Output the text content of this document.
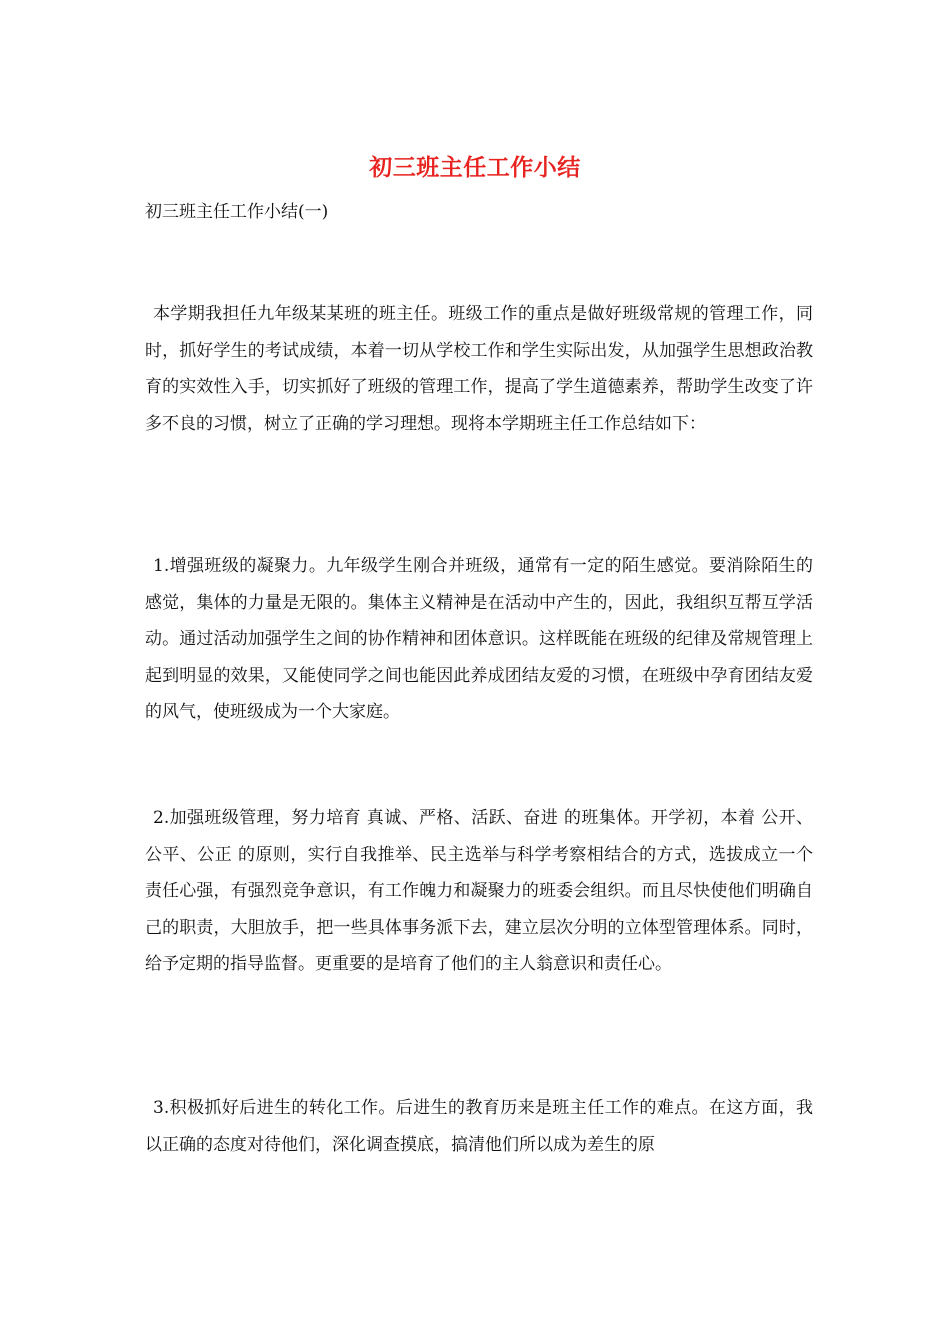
初三班主任工作小结
初三班主任工作小结(一)

本学期我担任九年级某某班的班主任。班级工作的重点是做好班级常规的管理工作，同时，抓好学生的考试成绩，本着一切从学校工作和学生实际出发，从加强学生思想政治教育的实效性入手，切实抓好了班级的管理工作，提高了学生道德素养，帮助学生改变了许多不良的习惯，树立了正确的学习理想。现将本学期班主任工作总结如下：

1.增强班级的凝聚力。九年级学生刚合并班级，通常有一定的陌生感觉。要消除陌生的感觉，集体的力量是无限的。集体主义精神是在活动中产生的，因此，我组织互帮互学活动。通过活动加强学生之间的协作精神和团体意识。这样既能在班级的纪律及常规管理上起到明显的效果，又能使同学之间也能因此养成团结友爱的习惯，在班级中孕育团结友爱的风气，使班级成为一个大家庭。

2.加强班级管理，努力培育 真诚、严格、活跃、奋进 的班集体。开学初，本着 公开、公平、公正 的原则，实行自我推举、民主选举与科学考察相结合的方式，选拔成立一个责任心强，有强烈竞争意识，有工作魄力和凝聚力的班委会组织。而且尽快使他们明确自己的职责，大胆放手，把一些具体事务派下去，建立层次分明的立体型管理体系。同时，给予定期的指导监督。更重要的是培育了他们的主人翁意识和责任心。

3.积极抓好后进生的转化工作。后进生的教育历来是班主任工作的难点。在这方面，我以正确的态度对待他们，深化调查摸底，搞清他们所以成为差生的原
